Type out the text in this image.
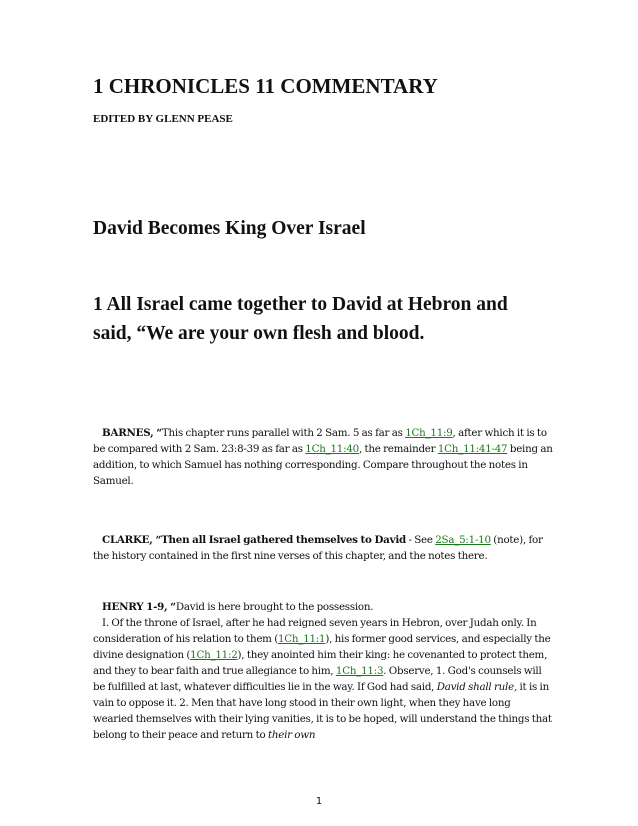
1 CHRONICLES 11 COMMENTARY
EDITED BY GLENN PEASE
David Becomes King Over Israel
1 All Israel came together to David at Hebron and
said, “We are your own flesh and blood.
BARNES, “This chapter runs parallel with 2 Sam. 5 as far as 1Ch_11:9, after which it is to be compared with 2 Sam. 23:8-39 as far as 1Ch_11:40, the remainder 1Ch_11:41-47 being an addition, to which Samuel has nothing corresponding. Compare throughout the notes in Samuel.
CLARKE, “Then all Israel gathered themselves to David - See 2Sa_5:1-10 (note), for the history contained in the first nine verses of this chapter, and the notes there.
HENRY 1-9, “David is here brought to the possession.
I. Of the throne of Israel, after he had reigned seven years in Hebron, over Judah only. In consideration of his relation to them (1Ch_11:1), his former good services, and especially the divine designation (1Ch_11:2), they anointed him their king: he covenanted to protect them, and they to bear faith and true allegiance to him, 1Ch_11:3. Observe, 1. God's counsels will be fulfilled at last, whatever difficulties lie in the way. If God had said, David shall rule, it is in vain to oppose it. 2. Men that have long stood in their own light, when they have long wearied themselves with their lying vanities, it is to be hoped, will understand the things that belong to their peace and return to their own
1
